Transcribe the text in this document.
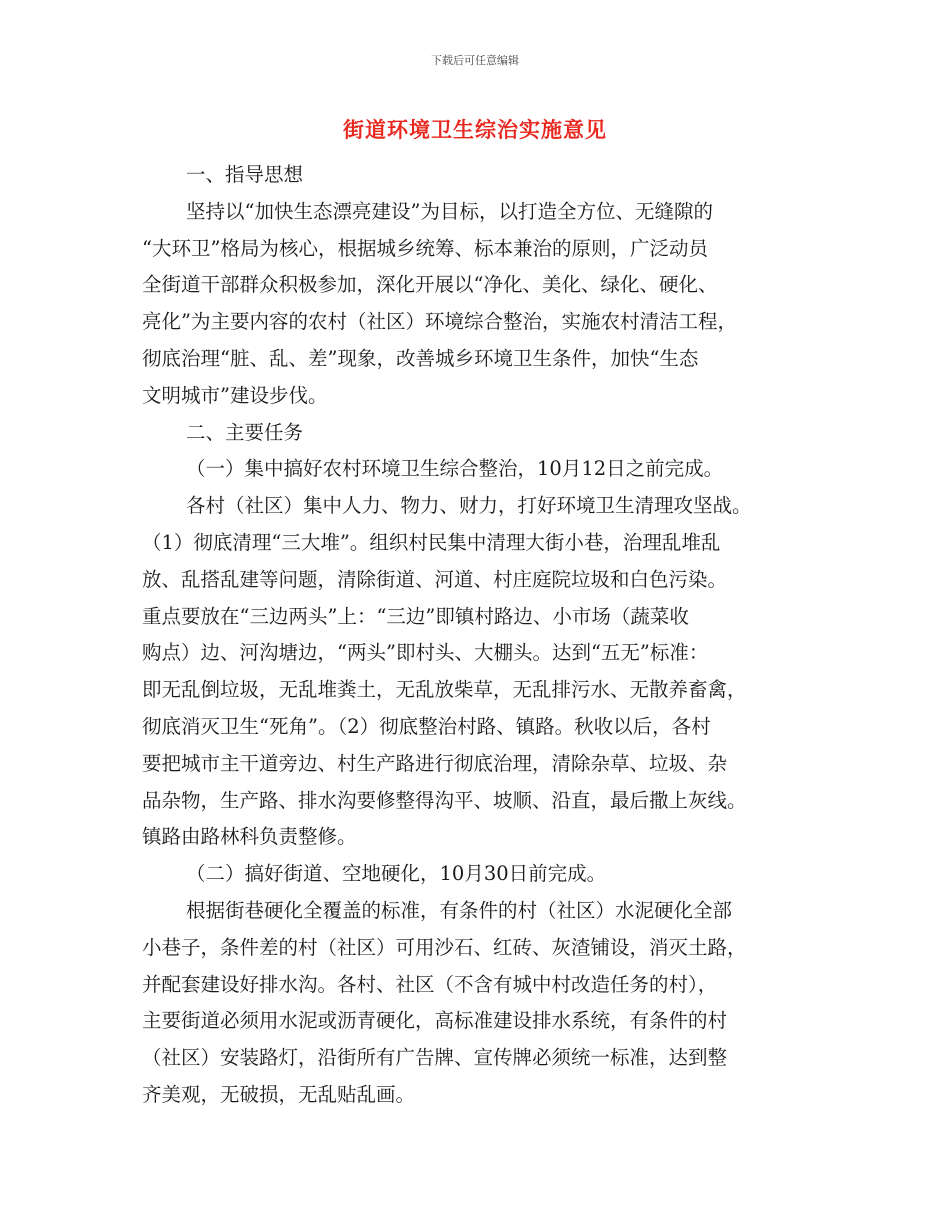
下载后可任意编辑
街道环境卫生综治实施意见
一、指导思想
坚持以“加快生态漂亮建设”为目标，以打造全方位、无缝隙的
“大环卫”格局为核心，根据城乡统筹、标本兼治的原则，广泛动员
全街道干部群众积极参加，深化开展以“净化、美化、绿化、硬化、
亮化”为主要内容的农村（社区）环境综合整治，实施农村清洁工程，
彻底治理“脏、乱、差”现象，改善城乡环境卫生条件，加快“生态
文明城市”建设步伐。
二、主要任务
（一）集中搞好农村环境卫生综合整治，10月12日之前完成。
各村（社区）集中人力、物力、财力，打好环境卫生清理攻坚战。
（1）彻底清理“三大堆”。组织村民集中清理大街小巷，治理乱堆乱
放、乱搭乱建等问题，清除街道、河道、村庄庭院垃圾和白色污染。
重点要放在“三边两头”上：“三边”即镇村路边、小市场（蔬菜收
购点）边、河沟塘边，“两头”即村头、大棚头。达到“五无”标准：
即无乱倒垃圾，无乱堆粪土，无乱放柴草，无乱排污水、无散养畜禽，
彻底消灭卫生“死角”。（2）彻底整治村路、镇路。秋收以后，各村
要把城市主干道旁边、村生产路进行彻底治理，清除杂草、垃圾、杂
品杂物，生产路、排水沟要修整得沟平、坡顺、沿直，最后撒上灰线。
镇路由路林科负责整修。
（二）搞好街道、空地硬化，10月30日前完成。
根据街巷硬化全覆盖的标准，有条件的村（社区）水泥硬化全部
小巷子，条件差的村（社区）可用沙石、红砖、灰渣铺设，消灭土路，
并配套建设好排水沟。各村、社区（不含有城中村改造任务的村），
主要街道必须用水泥或沥青硬化，高标准建设排水系统，有条件的村
（社区）安装路灯，沿街所有广告牌、宣传牌必须统一标准，达到整
齐美观，无破损，无乱贴乱画。
